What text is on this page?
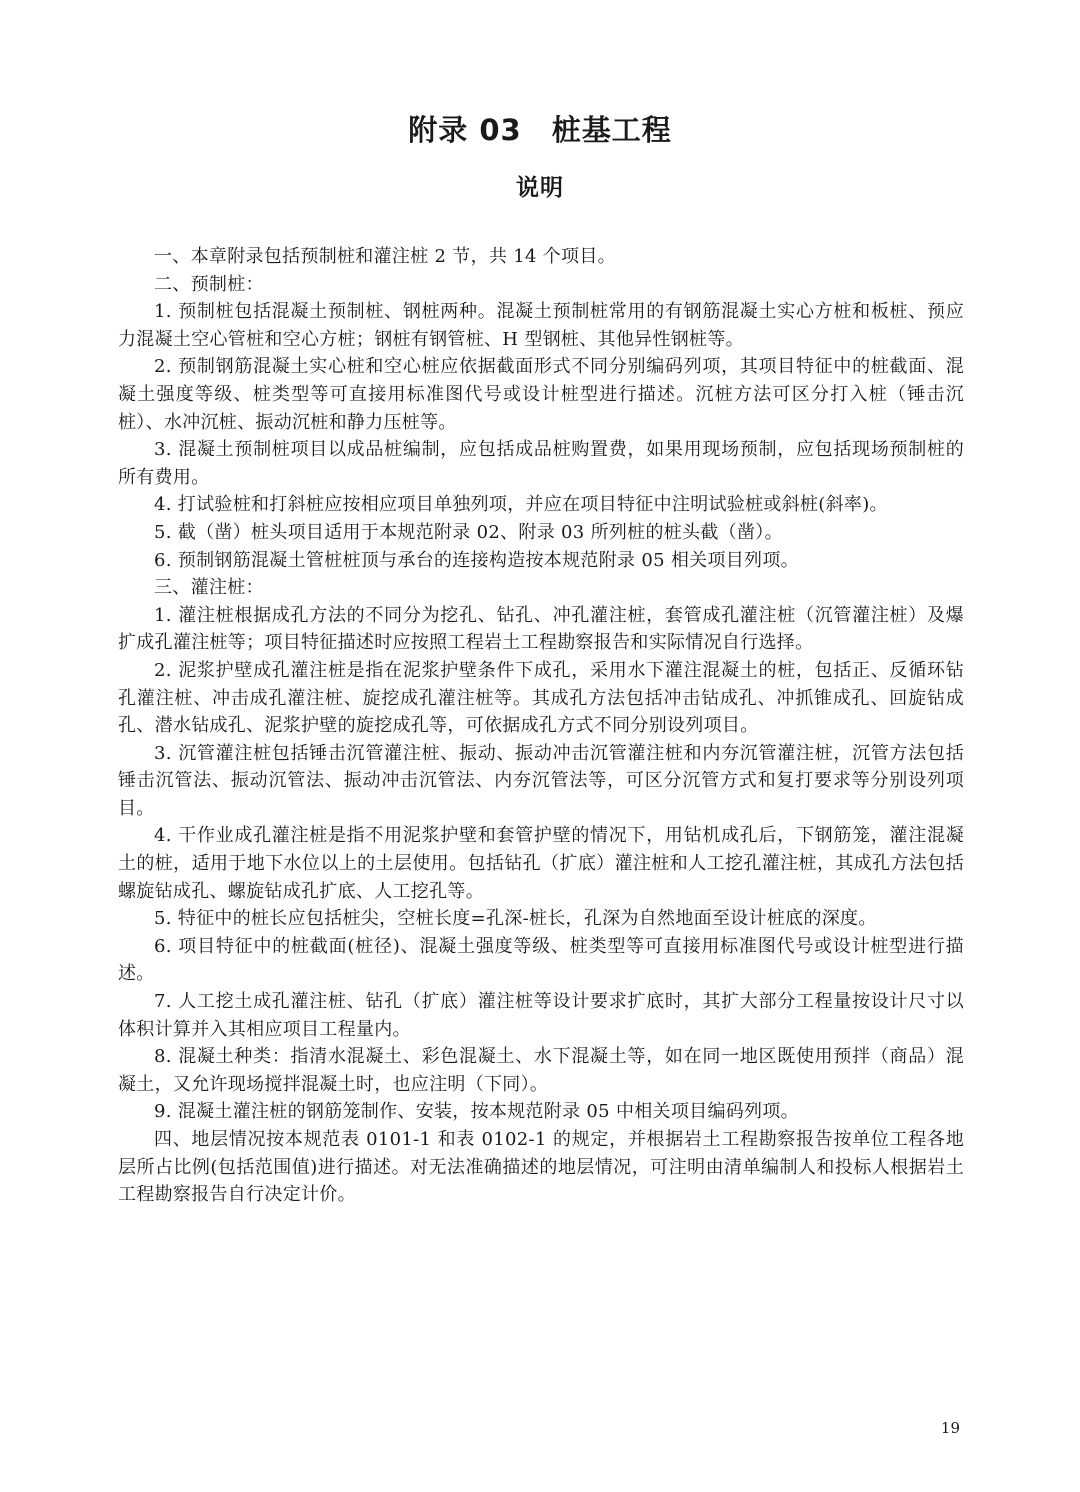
附录 03　桩基工程
说明

一、本章附录包括预制桩和灌注桩 2 节，共 14 个项目。

二、预制桩：

1. 预制桩包括混凝土预制桩、钢桩两种。混凝土预制桩常用的有钢筋混凝土实心方桩和板桩、预应力混凝土空心管桩和空心方桩；钢桩有钢管桩、H 型钢桩、其他异性钢桩等。

2. 预制钢筋混凝土实心桩和空心桩应依据截面形式不同分别编码列项，其项目特征中的桩截面、混凝土强度等级、桩类型等可直接用标准图代号或设计桩型进行描述。沉桩方法可区分打入桩（锤击沉桩）、水冲沉桩、振动沉桩和静力压桩等。

3. 混凝土预制桩项目以成品桩编制，应包括成品桩购置费，如果用现场预制，应包括现场预制桩的所有费用。

4. 打试验桩和打斜桩应按相应项目单独列项，并应在项目特征中注明试验桩或斜桩(斜率)。

5. 截（凿）桩头项目适用于本规范附录 02、附录 03 所列桩的桩头截（凿）。

6. 预制钢筋混凝土管桩桩顶与承台的连接构造按本规范附录 05 相关项目列项。

三、灌注桩：

1. 灌注桩根据成孔方法的不同分为挖孔、钻孔、冲孔灌注桩，套管成孔灌注桩（沉管灌注桩）及爆扩成孔灌注桩等；项目特征描述时应按照工程岩土工程勘察报告和实际情况自行选择。

2. 泥浆护壁成孔灌注桩是指在泥浆护壁条件下成孔，采用水下灌注混凝土的桩，包括正、反循环钻孔灌注桩、冲击成孔灌注桩、旋挖成孔灌注桩等。其成孔方法包括冲击钻成孔、冲抓锥成孔、回旋钻成孔、潜水钻成孔、泥浆护壁的旋挖成孔等，可依据成孔方式不同分别设列项目。

3. 沉管灌注桩包括锤击沉管灌注桩、振动、振动冲击沉管灌注桩和内夯沉管灌注桩，沉管方法包括锤击沉管法、振动沉管法、振动冲击沉管法、内夯沉管法等，可区分沉管方式和复打要求等分别设列项目。

4. 干作业成孔灌注桩是指不用泥浆护壁和套管护壁的情况下，用钻机成孔后，下钢筋笼，灌注混凝土的桩，适用于地下水位以上的土层使用。包括钻孔（扩底）灌注桩和人工挖孔灌注桩，其成孔方法包括螺旋钻成孔、螺旋钻成孔扩底、人工挖孔等。

5. 特征中的桩长应包括桩尖，空桩长度=孔深-桩长，孔深为自然地面至设计桩底的深度。

6. 项目特征中的桩截面(桩径)、混凝土强度等级、桩类型等可直接用标准图代号或设计桩型进行描述。

7. 人工挖土成孔灌注桩、钻孔（扩底）灌注桩等设计要求扩底时，其扩大部分工程量按设计尺寸以体积计算并入其相应项目工程量内。

8. 混凝土种类：指清水混凝土、彩色混凝土、水下混凝土等，如在同一地区既使用预拌（商品）混凝土，又允许现场搅拌混凝土时，也应注明（下同）。

9. 混凝土灌注桩的钢筋笼制作、安装，按本规范附录 05 中相关项目编码列项。

四、地层情况按本规范表 0101-1 和表 0102-1 的规定，并根据岩土工程勘察报告按单位工程各地层所占比例(包括范围值)进行描述。对无法准确描述的地层情况，可注明由清单编制人和投标人根据岩土工程勘察报告自行决定计价。

19
